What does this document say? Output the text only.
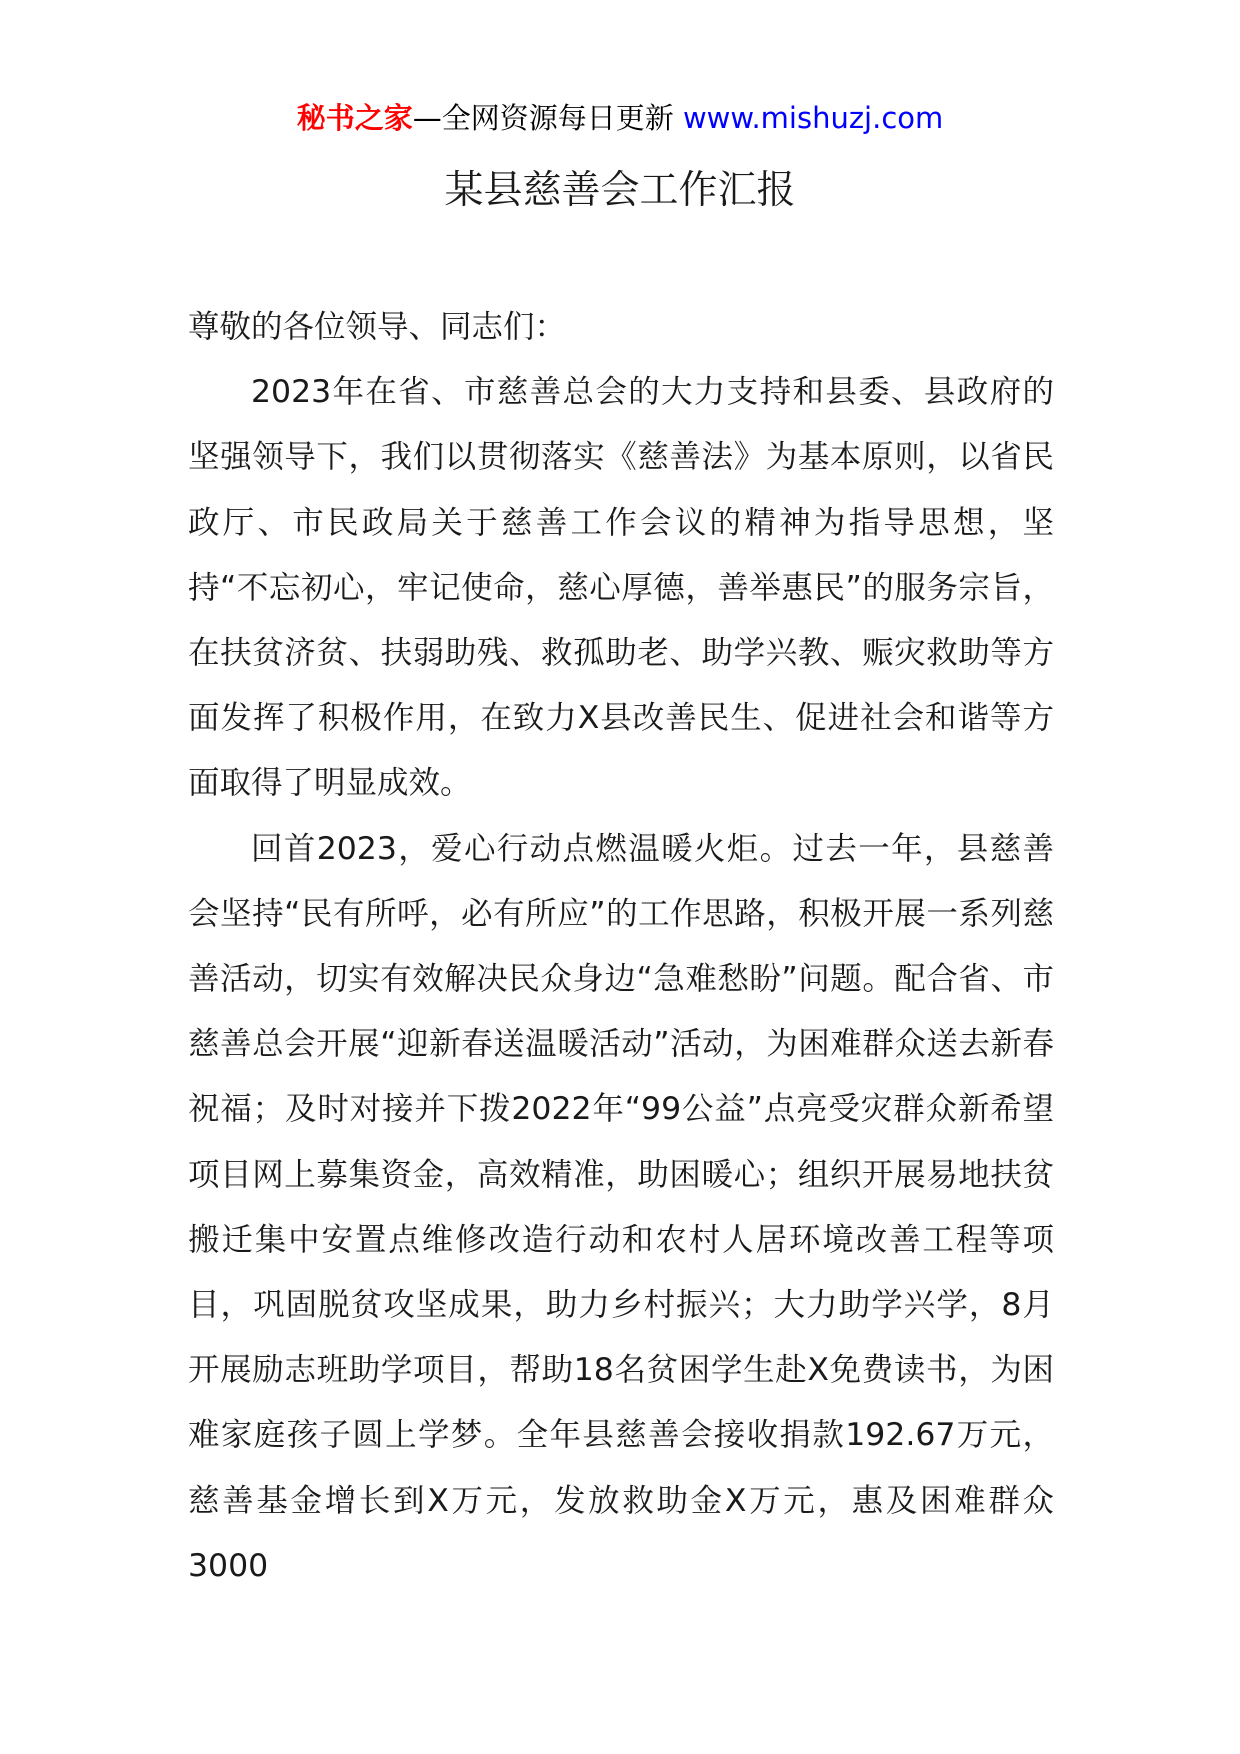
秘书之家—全网资源每日更新 www.mishuzj.com
某县慈善会工作汇报

尊敬的各位领导、同志们：

2023年在省、市慈善总会的大力支持和县委、县政府的坚强领导下，我们以贯彻落实《慈善法》为基本原则，以省民政厅、市民政局关于慈善工作会议的精神为指导思想，坚持“不忘初心，牢记使命，慈心厚德，善举惠民”的服务宗旨，在扶贫济贫、扶弱助残、救孤助老、助学兴教、赈灾救助等方面发挥了积极作用，在致力X县改善民生、促进社会和谐等方面取得了明显成效。

回首2023，爱心行动点燃温暖火炬。过去一年，县慈善会坚持“民有所呼，必有所应”的工作思路，积极开展一系列慈善活动，切实有效解决民众身边“急难愁盼”问题。配合省、市慈善总会开展“迎新春送温暖活动”活动，为困难群众送去新春祝福；及时对接并下拨2022年“99公益”点亮受灾群众新希望项目网上募集资金，高效精准，助困暖心；组织开展易地扶贫搬迁集中安置点维修改造行动和农村人居环境改善工程等项目，巩固脱贫攻坚成果，助力乡村振兴；大力助学兴学，8月开展励志班助学项目，帮助18名贫困学生赴X免费读书，为困难家庭孩子圆上学梦。全年县慈善会接收捐款192.67万元，慈善基金增长到X万元，发放救助金X万元，惠及困难群众3000
